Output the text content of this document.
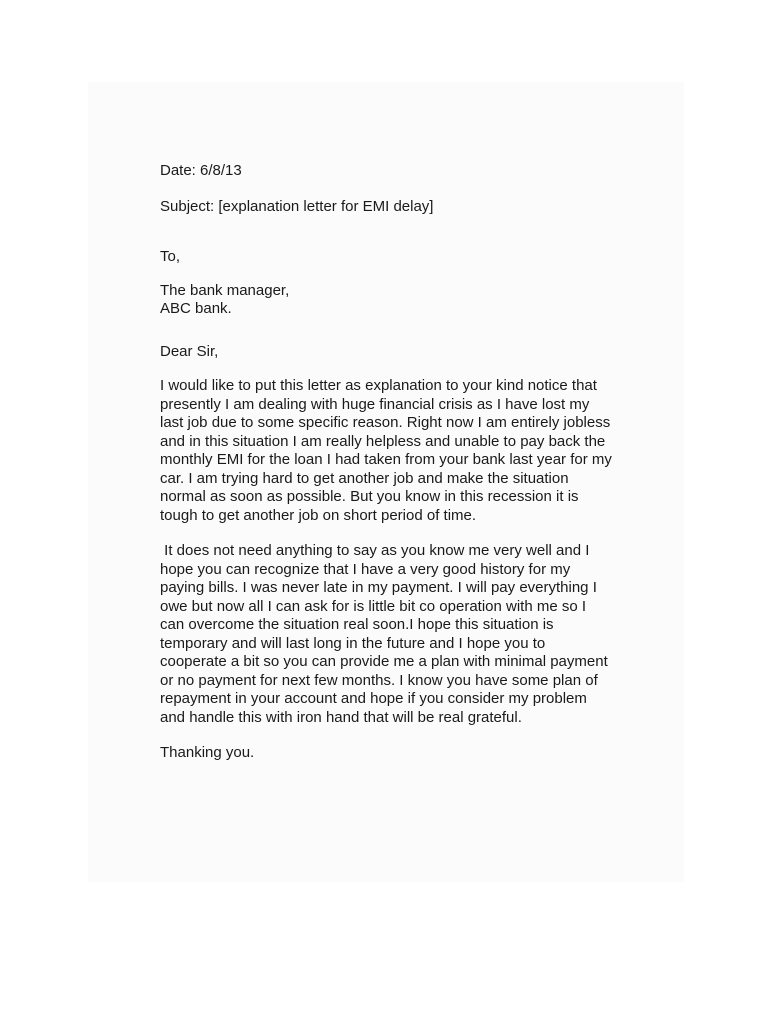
Date: 6/8/13

Subject: [explanation letter for EMI delay]

To,

The bank manager,
ABC bank.

Dear Sir,

I would like to put this letter as explanation to your kind notice that
presently I am dealing with huge financial crisis as I have lost my
last job due to some specific reason. Right now I am entirely jobless
and in this situation I am really helpless and unable to pay back the
monthly EMI for the loan I had taken from your bank last year for my
car. I am trying hard to get another job and make the situation
normal as soon as possible. But you know in this recession it is
tough to get another job on short period of time.
It does not need anything to say as you know me very well and I
hope you can recognize that I have a very good history for my
paying bills. I was never late in my payment. I will pay everything I
owe but now all I can ask for is little bit co operation with me so I
can overcome the situation real soon.I hope this situation is
temporary and will last long in the future and I hope you to
cooperate a bit so you can provide me a plan with minimal payment
or no payment for next few months. I know you have some plan of
repayment in your account and hope if you consider my problem
and handle this with iron hand that will be real grateful.

Thanking you.
